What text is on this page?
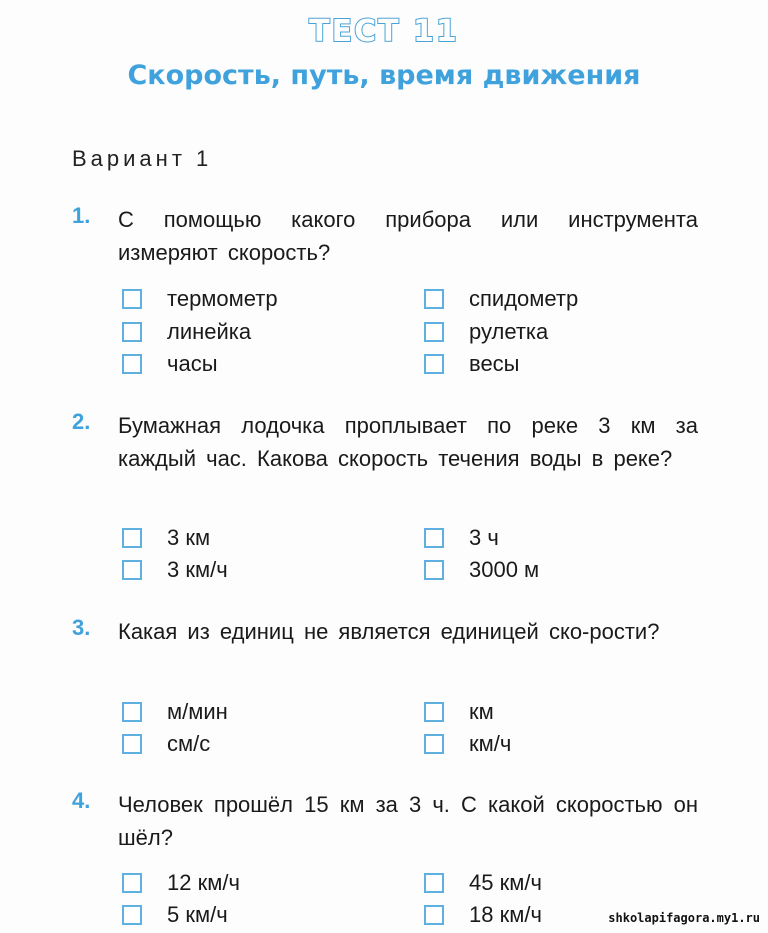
ТЕСТ 11
Скорость, путь, время движения
Вариант 1
1. С помощью какого прибора или инструмента измеряют скорость?

термометр	спидометр
линейка	рулетка
часы	весы
2. Бумажная лодочка проплывает по реке 3 км за каждый час. Какова скорость течения воды в реке?

3 км	3 ч
3 км/ч	3000 м
3. Какая из единиц не является единицей ско-рости?

м/мин	км
см/с	км/ч
4. Человек прошёл 15 км за 3 ч. С какой скоростью он шёл?

12 км/ч	45 км/ч
5 км/ч	18 км/ч	shkolapifagora.my1.ru
